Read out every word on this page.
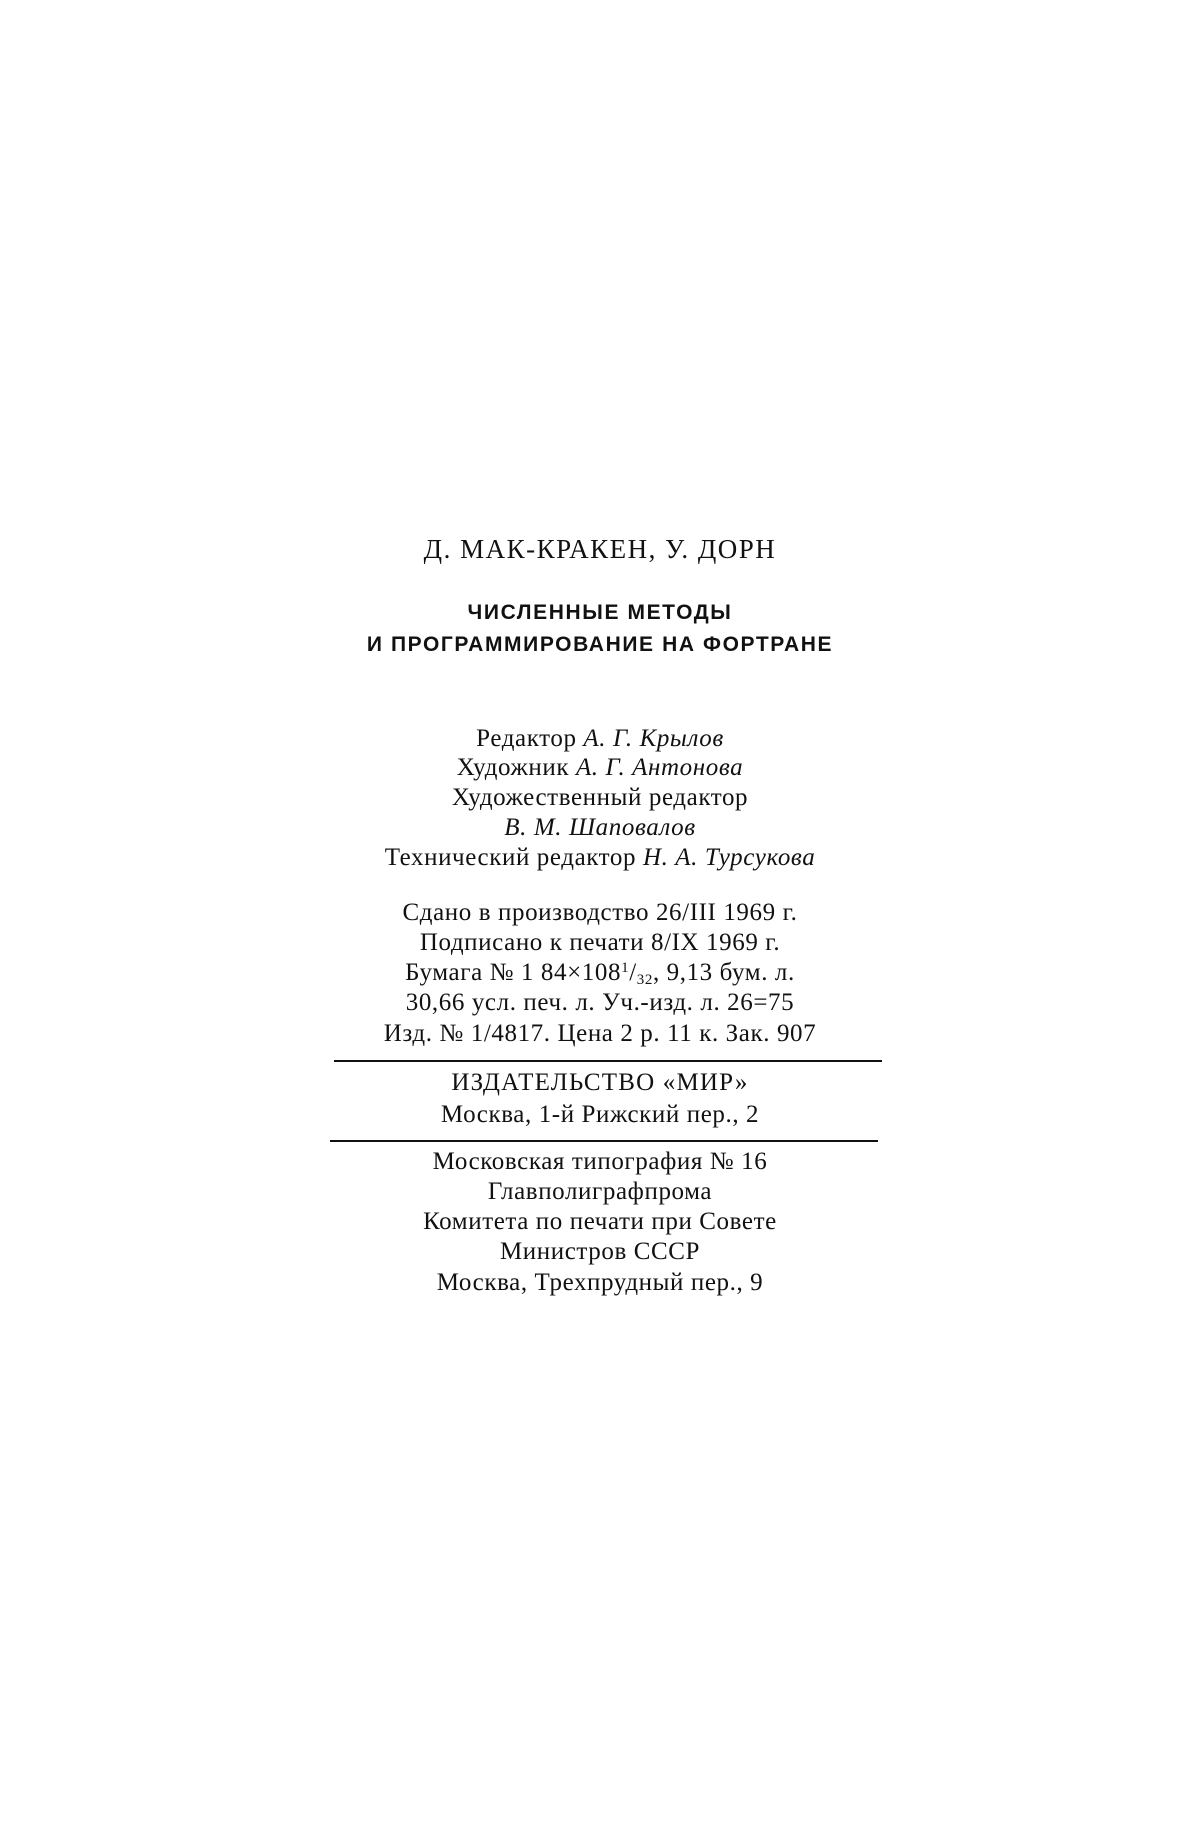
Д. МАК-КРАКЕН, У. ДОРН
ЧИСЛЕННЫЕ МЕТОДЫ
И ПРОГРАММИРОВАНИЕ НА ФОРТРАНЕ
Редактор А. Г. Крылов
Художник А. Г. Антонова
Художественный редактор
В. М. Шаповалов
Технический редактор Н. А. Турсукова
Сдано в производство 26/III 1969 г.
Подписано к печати 8/IX 1969 г.
Бумага № 1 $84\times 108^1/_{32}$, 9,13 бум. л.
30,66 усл. печ. л. Уч.-изд. л. 26=75
Изд. № 1/4817. Цена 2 р. 11 к. Зак. 907
ИЗДАТЕЛЬСТВО «МИР»
Москва, 1-й Рижский пер., 2
Московская типография № 16
Главполиграфпрома
Комитета по печати при Совете
Министров СССР
Москва, Трехпрудный пер., 9
